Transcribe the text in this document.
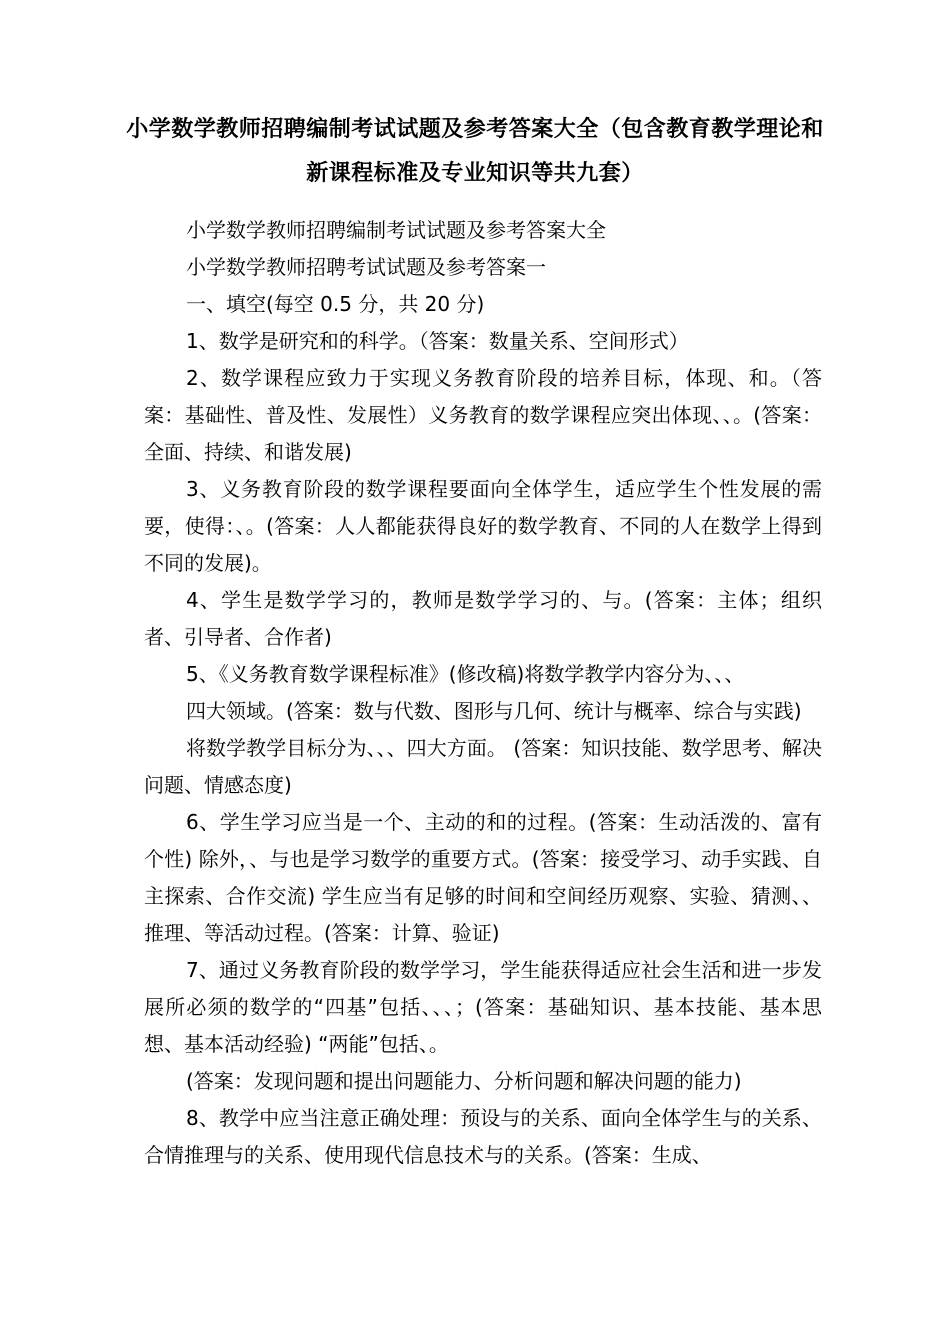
小学数学教师招聘编制考试试题及参考答案大全（包含教育教学理论和新课程标准及专业知识等共九套）

小学数学教师招聘编制考试试题及参考答案大全

小学数学教师招聘考试试题及参考答案一

一、填空(每空 0.5 分，共 20 分)

1、数学是研究和的科学。（答案：数量关系、空间形式）

2、数学课程应致力于实现义务教育阶段的培养目标，体现、和。（答案：基础性、普及性、发展性）义务教育的数学课程应突出体现、、。(答案：全面、持续、和谐发展)

3、义务教育阶段的数学课程要面向全体学生，适应学生个性发展的需要，使得：、。(答案：人人都能获得良好的数学教育、不同的人在数学上得到不同的发展)。

4、学生是数学学习的，教师是数学学习的、与。(答案：主体；组织者、引导者、合作者)

5、《义务教育数学课程标准》(修改稿)将数学教学内容分为、、、

四大领域。(答案：数与代数、图形与几何、统计与概率、综合与实践)

将数学教学目标分为、、、四大方面。 (答案：知识技能、数学思考、解决问题、情感态度)

6、学生学习应当是一个、主动的和的过程。(答案：生动活泼的、富有个性) 除外，、与也是学习数学的重要方式。(答案：接受学习、动手实践、自主探索、合作交流) 学生应当有足够的时间和空间经历观察、实验、猜测、、推理、等活动过程。(答案：计算、验证)

7、通过义务教育阶段的数学学习，学生能获得适应社会生活和进一步发展所必须的数学的“四基”包括、、、；(答案：基础知识、基本技能、基本思想、基本活动经验) “两能”包括、。

(答案：发现问题和提出问题能力、分析问题和解决问题的能力)

8、教学中应当注意正确处理：预设与的关系、面向全体学生与的关系、合情推理与的关系、使用现代信息技术与的关系。(答案：生成、
